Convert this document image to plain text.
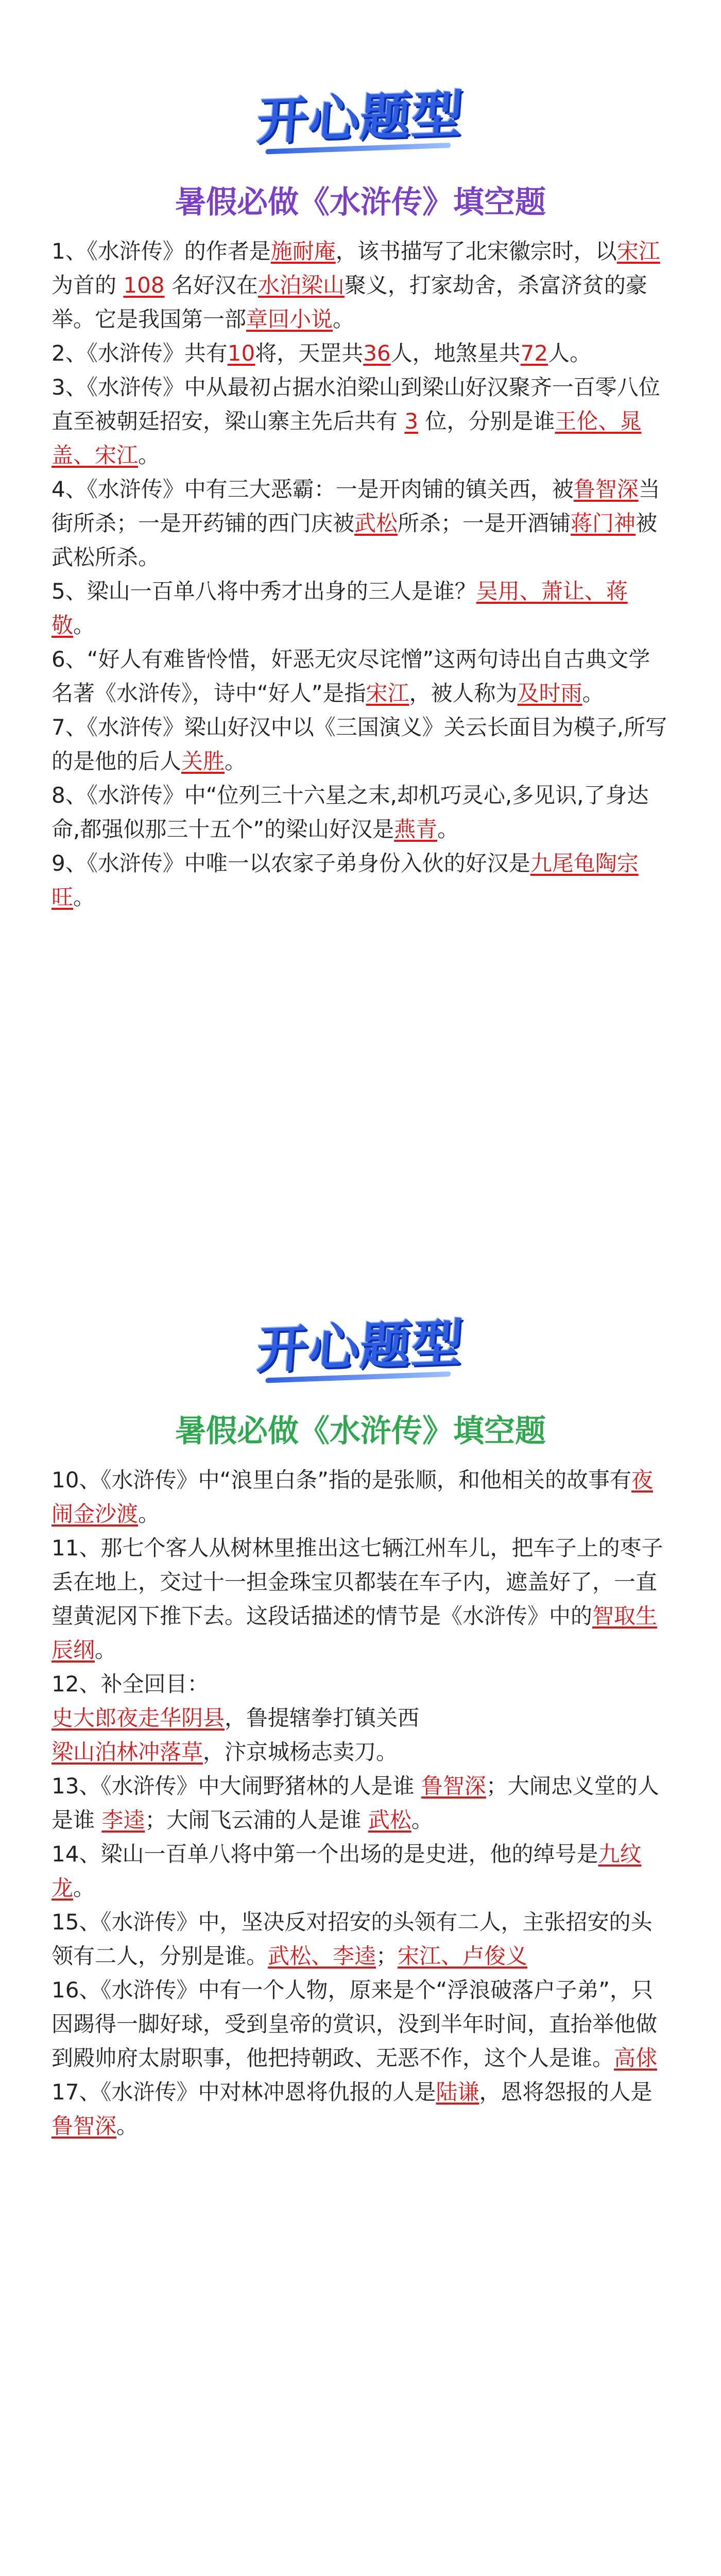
开心题型
暑假必做《水浒传》填空题

1、《水浒传》的作者是施耐庵，该书描写了北宋徽宗时，以宋江为首的 108 名好汉在水泊梁山聚义，打家劫舍，杀富济贫的豪举。它是我国第一部章回小说。

2、《水浒传》共有10将，天罡共36人，地煞星共72人。

3、《水浒传》中从最初占据水泊梁山到梁山好汉聚齐一百零八位直至被朝廷招安，梁山寨主先后共有 3 位，分别是谁王伦、晁盖、宋江。

4、《水浒传》中有三大恶霸：一是开肉铺的镇关西，被鲁智深当街所杀；一是开药铺的西门庆被武松所杀；一是开酒铺蒋门神被武松所杀。

5、梁山一百单八将中秀才出身的三人是谁？吴用、萧让、蒋敬。

6、“好人有难皆怜惜，奸恶无灾尽诧憎”这两句诗出自古典文学名著《水浒传》，诗中“好人”是指宋江，被人称为及时雨。

7、《水浒传》梁山好汉中以《三国演义》关云长面目为模子,所写的是他的后人关胜。

8、《水浒传》中“位列三十六星之末,却机巧灵心,多见识,了身达命,都强似那三十五个”的梁山好汉是燕青。

9、《水浒传》中唯一以农家子弟身份入伙的好汉是九尾龟陶宗旺。

开心题型
暑假必做《水浒传》填空题

10、《水浒传》中“浪里白条”指的是张顺，和他相关的故事有夜闹金沙渡。

11、那七个客人从树林里推出这七辆江州车儿，把车子上的枣子丢在地上，交过十一担金珠宝贝都装在车子内，遮盖好了，一直望黄泥冈下推下去。这段话描述的情节是《水浒传》中的智取生辰纲。

12、补全回目：

史大郎夜走华阴县，鲁提辖拳打镇关西

梁山泊林冲落草，汴京城杨志卖刀。

13、《水浒传》中大闹野猪林的人是谁 鲁智深；大闹忠义堂的人是谁 李逵；大闹飞云浦的人是谁 武松。

14、梁山一百单八将中第一个出场的是史进，他的绰号是九纹龙。

15、《水浒传》中，坚决反对招安的头领有二人，主张招安的头领有二人，分别是谁。武松、李逵；宋江、卢俊义

16、《水浒传》中有一个人物，原来是个“浮浪破落户子弟”，只因踢得一脚好球，受到皇帝的赏识，没到半年时间，直抬举他做到殿帅府太尉职事，他把持朝政、无恶不作，这个人是谁。高俅

17、《水浒传》中对林冲恩将仇报的人是陆谦，恩将怨报的人是鲁智深。
